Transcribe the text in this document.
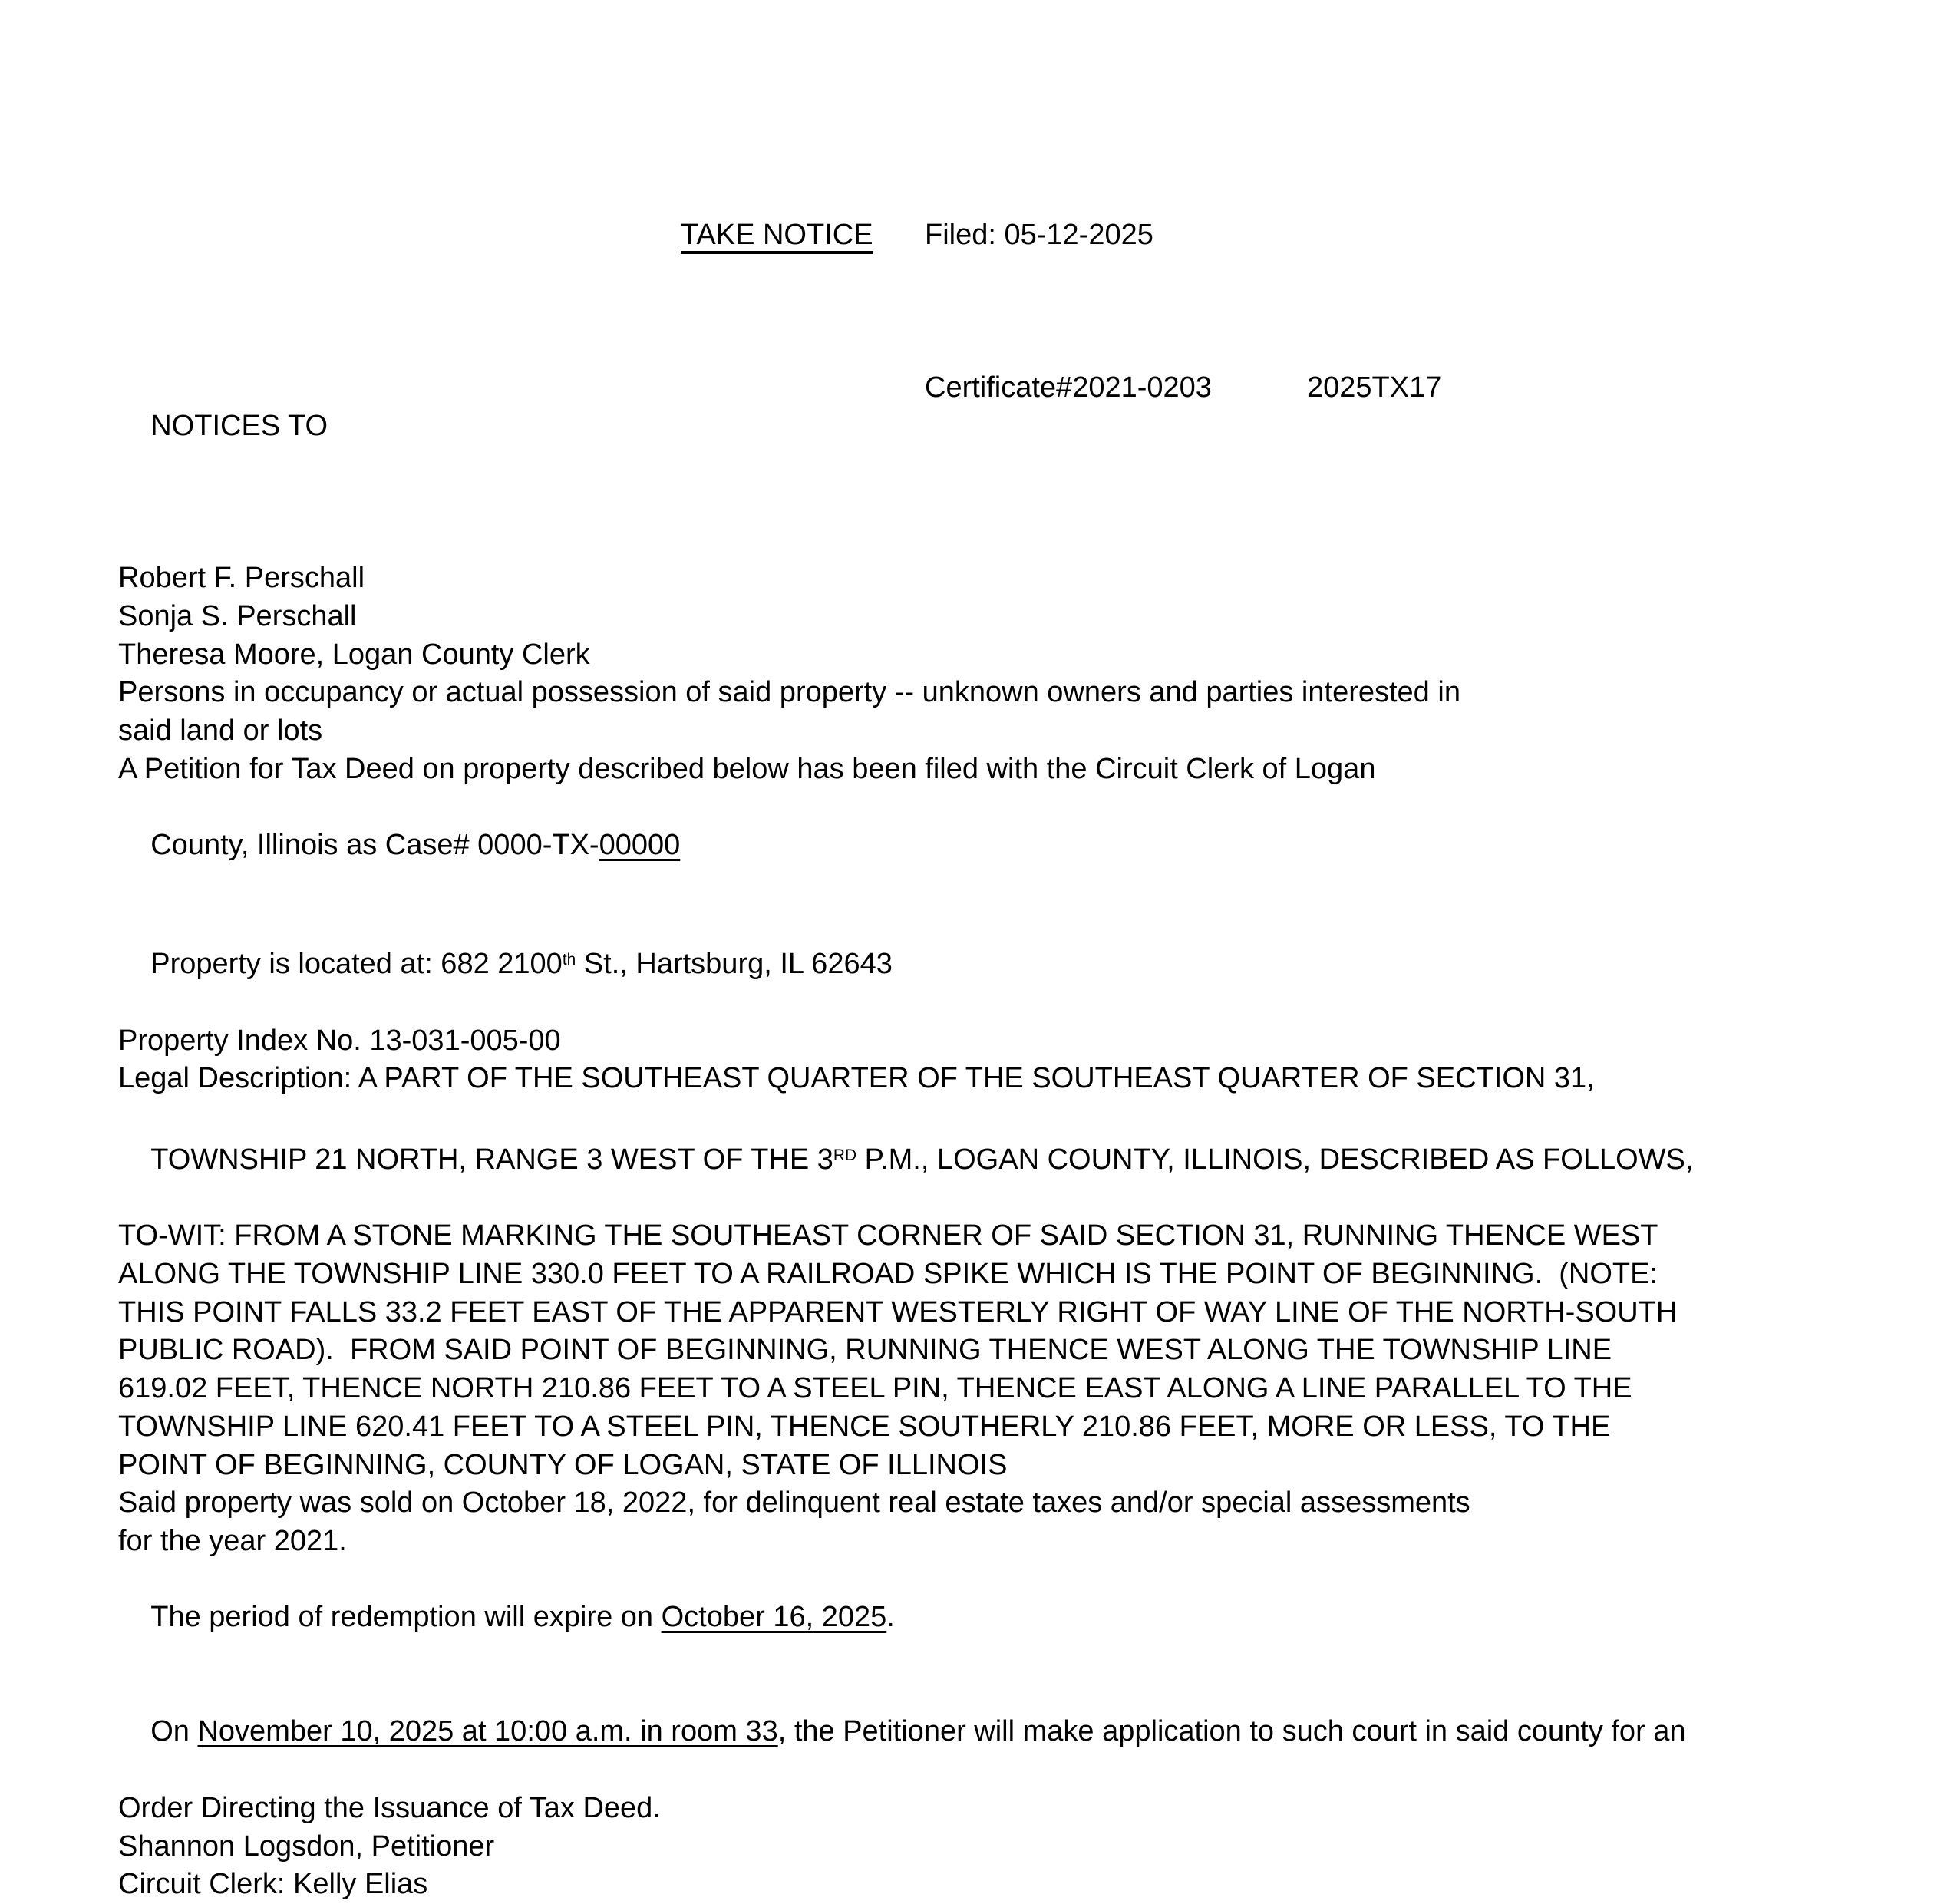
TAKE NOTICE

Filed: 05-12-2025

NOTICES TO

Certificate#2021-0203

	2025TX17

Robert F. Perschall
Sonja S. Perschall
Theresa Moore, Logan County Clerk
Persons in occupancy or actual possession of said property -- unknown owners and parties interested in
said land or lots
A Petition for Tax Deed on property described below has been filed with the Circuit Clerk of Logan

County, Illinois as Case# 0000-TX-00000

Property is located at: 682 2100th St., Hartsburg, IL 62643

Property Index No. 13-031-005-00
Legal Description: A PART OF THE SOUTHEAST QUARTER OF THE SOUTHEAST QUARTER OF SECTION 31,

TOWNSHIP 21 NORTH, RANGE 3 WEST OF THE 3RD P.M., LOGAN COUNTY, ILLINOIS, DESCRIBED AS FOLLOWS,

TO-WIT: FROM A STONE MARKING THE SOUTHEAST CORNER OF SAID SECTION 31, RUNNING THENCE WEST
ALONG THE TOWNSHIP LINE 330.0 FEET TO A RAILROAD SPIKE WHICH IS THE POINT OF BEGINNING.  (NOTE:
THIS POINT FALLS 33.2 FEET EAST OF THE APPARENT WESTERLY RIGHT OF WAY LINE OF THE NORTH-SOUTH
PUBLIC ROAD).  FROM SAID POINT OF BEGINNING, RUNNING THENCE WEST ALONG THE TOWNSHIP LINE
619.02 FEET, THENCE NORTH 210.86 FEET TO A STEEL PIN, THENCE EAST ALONG A LINE PARALLEL TO THE
TOWNSHIP LINE 620.41 FEET TO A STEEL PIN, THENCE SOUTHERLY 210.86 FEET, MORE OR LESS, TO THE
POINT OF BEGINNING, COUNTY OF LOGAN, STATE OF ILLINOIS
Said property was sold on October 18, 2022, for delinquent real estate taxes and/or special assessments
for the year 2021.

The period of redemption will expire on October 16, 2025.

On November 10, 2025 at 10:00 a.m. in room 33, the Petitioner will make application to such court in said county for an

Order Directing the Issuance of Tax Deed.
Shannon Logsdon, Petitioner
Circuit Clerk: Kelly Elias
